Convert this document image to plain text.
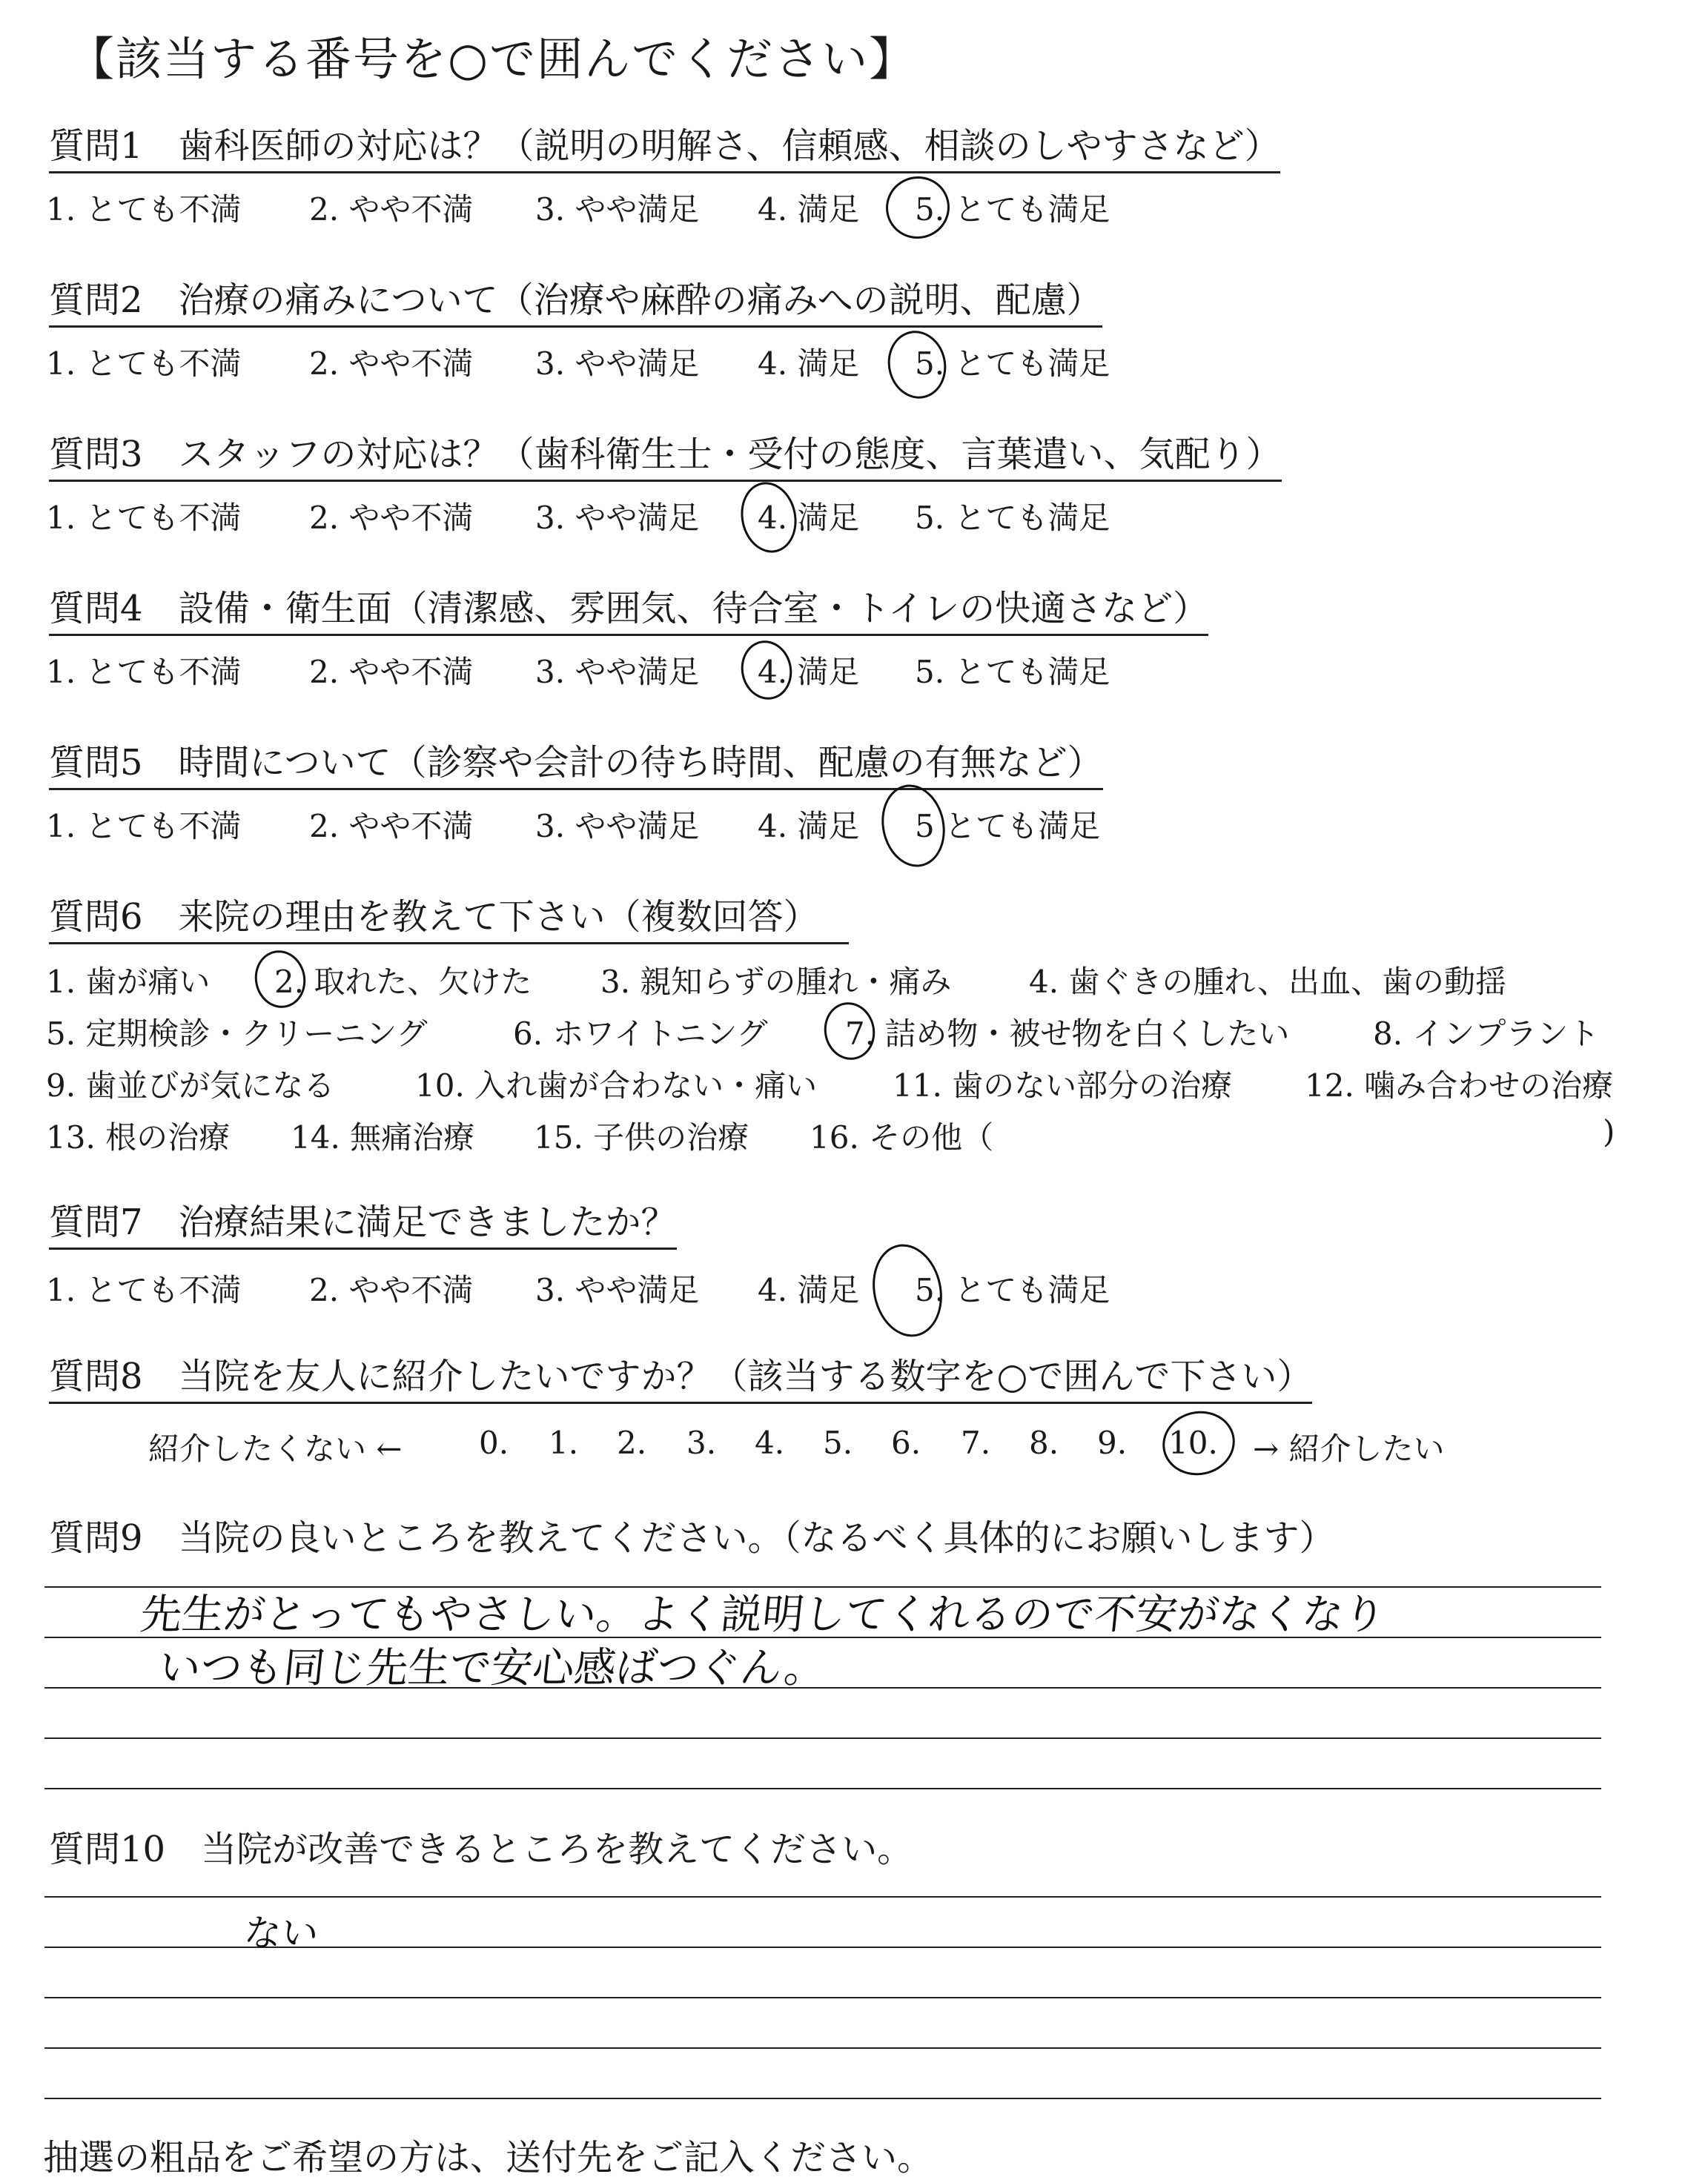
【該当する番号を○で囲んでください】
質問1　歯科医師の対応は？（説明の明解さ、信頼感、相談のしやすさなど）
1. とても不満 2. やや不満 3. やや満足 4. 満足 5. とても満足
質問2　治療の痛みについて（治療や麻酔の痛みへの説明、配慮）
1. とても不満 2. やや不満 3. やや満足 4. 満足 5. とても満足
質問3　スタッフの対応は？（歯科衛生士・受付の態度、言葉遣い、気配り）
1. とても不満 2. やや不満 3. やや満足 4. 満足 5. とても満足
質問4　設備・衛生面（清潔感、雰囲気、待合室・トイレの快適さなど）
1. とても不満 2. やや不満 3. やや満足 4. 満足 5. とても満足
質問5　時間について（診察や会計の待ち時間、配慮の有無など）
1. とても不満 2. やや不満 3. やや満足 4. 満足 5 とても満足
質問6　来院の理由を教えて下さい（複数回答）
1. 歯が痛い 2. 取れた、欠けた 3. 親知らずの腫れ・痛み 4. 歯ぐきの腫れ、出血、歯の動揺
5. 定期検診・クリーニング	6. ホワイトニング 7. 詰め物・被せ物を白くしたい	8. インプラント
9. 歯並びが気になる	10. 入れ歯が合わない・痛い 11. 歯のない部分の治療 12. 噛み合わせの治療
13. 根の治療 14. 無痛治療 15. 子供の治療 16. その他（	)
質問7　治療結果に満足できましたか？
1. とても不満 2. やや不満 3. やや満足 4. 満足 5. とても満足
質問8　当院を友人に紹介したいですか？（該当する数字を○で囲んで下さい）
紹介したくない ← 0. 1. 2. 3. 4. 5. 6. 7. 8. 9. 10. → 紹介したい
質問9　当院の良いところを教えてください。（なるべく具体的にお願いします）
先生がとってもやさしい。よく説明してくれるので不安がなくなり
いつも同じ先生で安心感ばつぐん。
質問10　当院が改善できるところを教えてください。
ない
抽選の粗品をご希望の方は、送付先をご記入ください。
